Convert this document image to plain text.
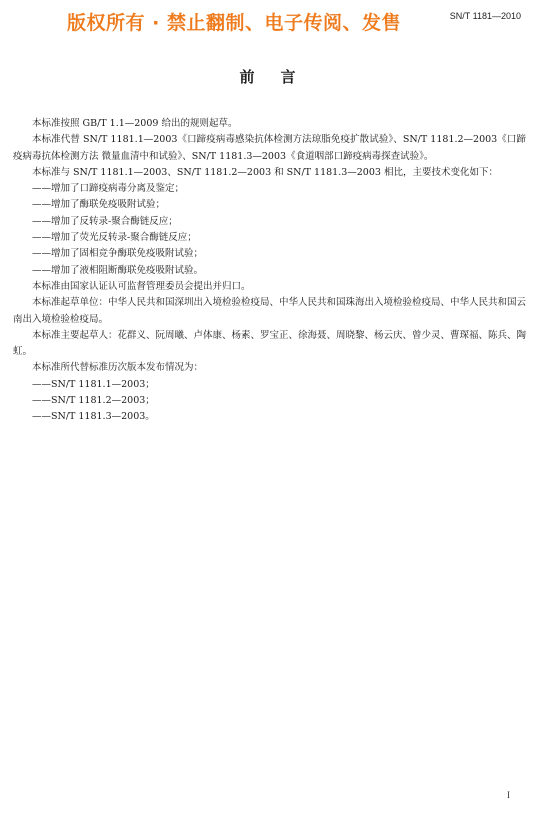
SN/T 1181—2010
版权所有 · 禁止翻制、电子传阅、发售
前言

本标准按照 GB/T 1.1—2009 给出的规则起草。

本标准代替 SN/T 1181.1—2003《口蹄疫病毒感染抗体检测方法琼脂免疫扩散试验》、SN/T 1181.2—2003《口蹄疫病毒抗体检测方法 微量血清中和试验》、SN/T 1181.3—2003《食道咽部口蹄疫病毒探查试验》。

本标准与 SN/T 1181.1—2003、SN/T 1181.2—2003 和 SN/T 1181.3—2003 相比，主要技术变化如下：

——增加了口蹄疫病毒分离及鉴定；

——增加了酶联免疫吸附试验；

——增加了反转录-聚合酶链反应；

——增加了荧光反转录-聚合酶链反应；

——增加了固相竞争酶联免疫吸附试验；

——增加了液相阻断酶联免疫吸附试验。

本标准由国家认证认可监督管理委员会提出并归口。

本标准起草单位：中华人民共和国深圳出入境检验检疫局、中华人民共和国珠海出入境检验检疫局、中华人民共和国云南出入境检验检疫局。

本标准主要起草人：花群义、阮周曦、卢体康、杨素、罗宝正、徐海聂、周晓黎、杨云庆、曾少灵、曹琛福、陈兵、陶虹。

本标准所代替标准历次版本发布情况为：

——SN/T 1181.1—2003；

——SN/T 1181.2—2003；

——SN/T 1181.3—2003。

I
